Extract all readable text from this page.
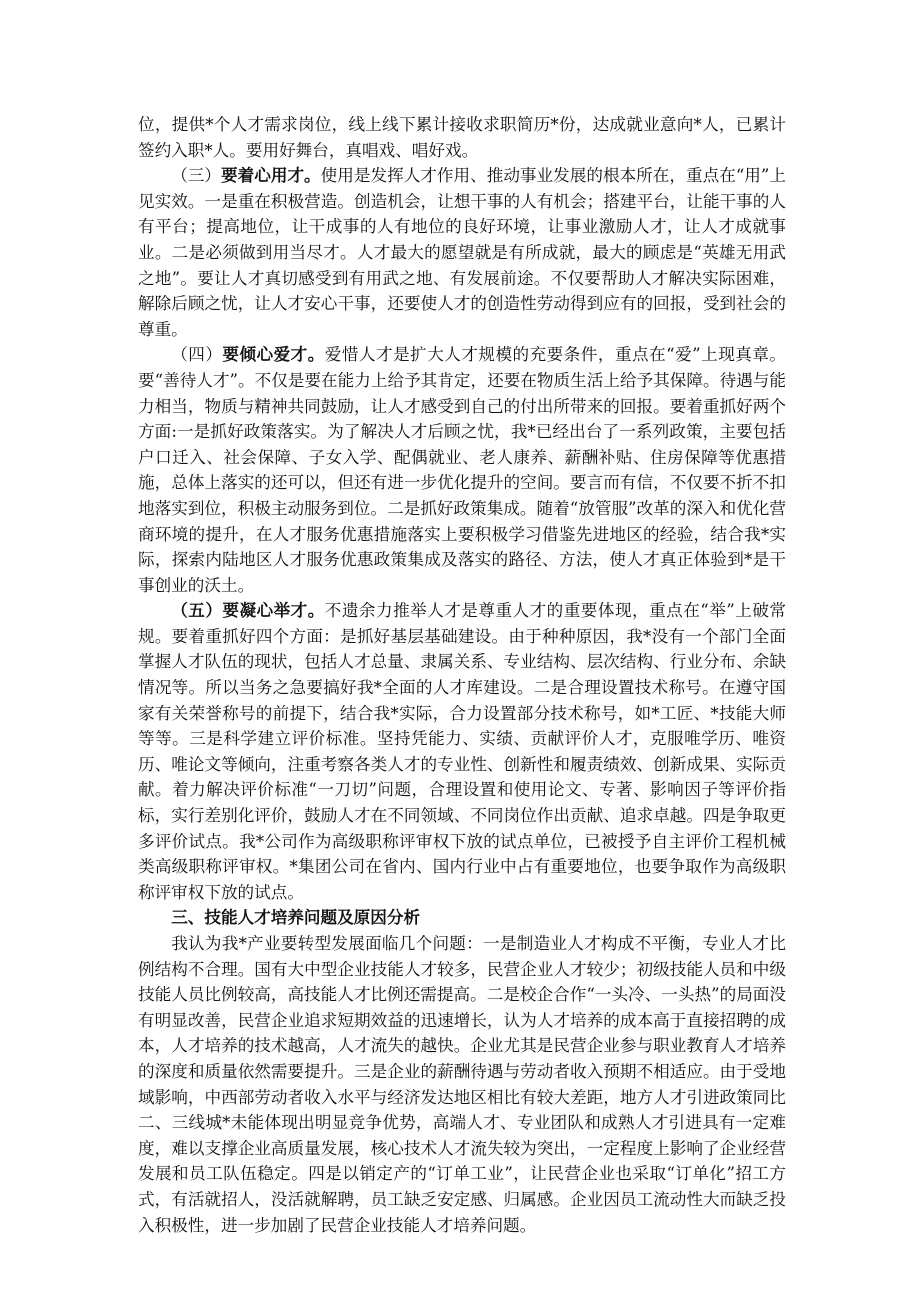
位，提供*个人才需求岗位，线上线下累计接收求职简历*份，达成就业意向*人，已累计签约入职*人。要用好舞台，真唱戏、唱好戏。

（三）要着心用才。使用是发挥人才作用、推动事业发展的根本所在，重点在“用”上见实效。一是重在积极营造。创造机会，让想干事的人有机会；搭建平台，让能干事的人有平台；提高地位，让干成事的人有地位的良好环境，让事业激励人才，让人才成就事业。二是必须做到用当尽才。人才最大的愿望就是有所成就，最大的顾虑是“英雄无用武之地”。要让人才真切感受到有用武之地、有发展前途。不仅要帮助人才解决实际困难，解除后顾之忧，让人才安心干事，还要使人才的创造性劳动得到应有的回报，受到社会的尊重。

（四）要倾心爱才。爱惜人才是扩大人才规模的充要条件，重点在“爱”上现真章。要“善待人才”。不仅是要在能力上给予其肯定，还要在物质生活上给予其保障。待遇与能力相当，物质与精神共同鼓励，让人才感受到自己的付出所带来的回报。要着重抓好两个方面:一是抓好政策落实。为了解决人才后顾之忧，我*已经出台了一系列政策，主要包括户口迁入、社会保障、子女入学、配偶就业、老人康养、薪酬补贴、住房保障等优惠措施，总体上落实的还可以，但还有进一步优化提升的空间。要言而有信，不仅要不折不扣地落实到位，积极主动服务到位。二是抓好政策集成。随着“放管服”改革的深入和优化营商环境的提升，在人才服务优惠措施落实上要积极学习借鉴先进地区的经验，结合我*实际，探索内陆地区人才服务优惠政策集成及落实的路径、方法，使人才真正体验到*是干事创业的沃土。

（五）要凝心举才。不遗余力推举人才是尊重人才的重要体现，重点在“举”上破常规。要着重抓好四个方面：是抓好基层基础建设。由于种种原因，我*没有一个部门全面掌握人才队伍的现状，包括人才总量、隶属关系、专业结构、层次结构、行业分布、余缺情况等。所以当务之急要搞好我*全面的人才库建设。二是合理设置技术称号。在遵守国家有关荣誉称号的前提下，结合我*实际，合力设置部分技术称号，如*工匠、*技能大师等等。三是科学建立评价标准。坚持凭能力、实绩、贡献评价人才，克服唯学历、唯资历、唯论文等倾向，注重考察各类人才的专业性、创新性和履责绩效、创新成果、实际贡献。着力解决评价标准“一刀切”问题，合理设置和使用论文、专著、影响因子等评价指标，实行差别化评价，鼓励人才在不同领域、不同岗位作出贡献、追求卓越。四是争取更多评价试点。我*公司作为高级职称评审权下放的试点单位，已被授予自主评价工程机械类高级职称评审权。*集团公司在省内、国内行业中占有重要地位，也要争取作为高级职称评审权下放的试点。

三、技能人才培养问题及原因分析

我认为我*产业要转型发展面临几个问题：一是制造业人才构成不平衡，专业人才比例结构不合理。国有大中型企业技能人才较多，民营企业人才较少；初级技能人员和中级技能人员比例较高，高技能人才比例还需提高。二是校企合作“一头冷、一头热”的局面没有明显改善，民营企业追求短期效益的迅速增长，认为人才培养的成本高于直接招聘的成本，人才培养的技术越高，人才流失的越快。企业尤其是民营企业参与职业教育人才培养的深度和质量依然需要提升。三是企业的薪酬待遇与劳动者收入预期不相适应。由于受地域影响，中西部劳动者收入水平与经济发达地区相比有较大差距，地方人才引进政策同比二、三线城*未能体现出明显竞争优势，高端人才、专业团队和成熟人才引进具有一定难度，难以支撑企业高质量发展，核心技术人才流失较为突出，一定程度上影响了企业经营发展和员工队伍稳定。四是以销定产的“订单工业”，让民营企业也采取“订单化”招工方式，有活就招人，没活就解聘，员工缺乏安定感、归属感。企业因员工流动性大而缺乏投入积极性，进一步加剧了民营企业技能人才培养问题。
